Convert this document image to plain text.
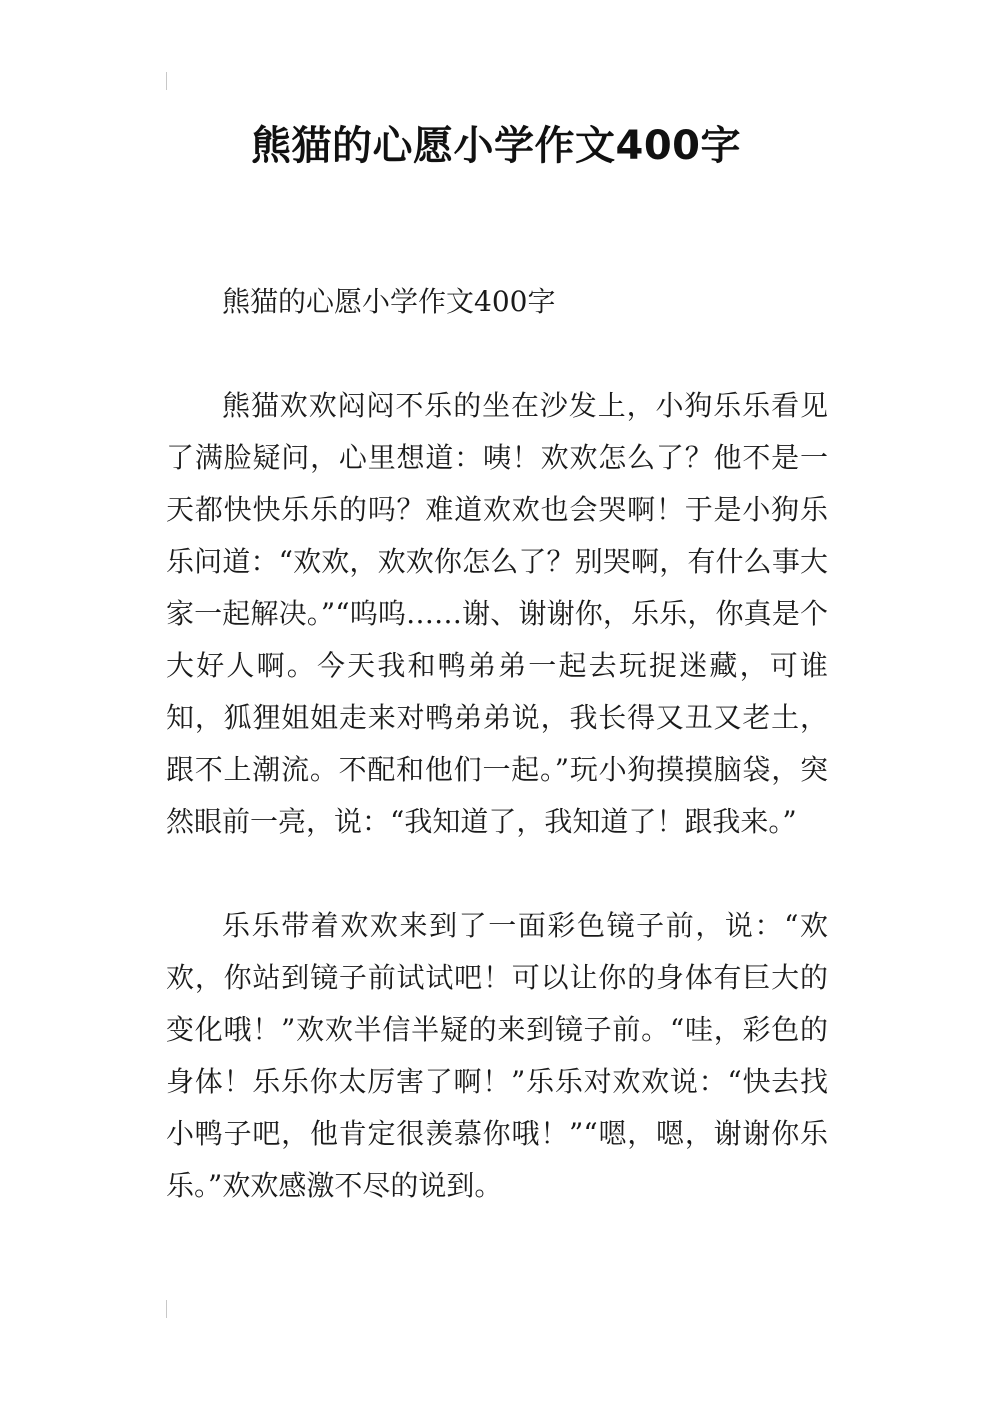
熊猫的心愿小学作文400字

熊猫的心愿小学作文400字

熊猫欢欢闷闷不乐的坐在沙发上，小狗乐乐看见了满脸疑问，心里想道：咦！欢欢怎么了？他不是一天都快快乐乐的吗？难道欢欢也会哭啊！于是小狗乐乐问道：“欢欢，欢欢你怎么了？别哭啊，有什么事大家一起解决。”“呜呜……谢、谢谢你，乐乐，你真是个大好人啊。今天我和鸭弟弟一起去玩捉迷藏，可谁知，狐狸姐姐走来对鸭弟弟说，我长得又丑又老土，跟不上潮流。不配和他们一起。”玩小狗摸摸脑袋，突然眼前一亮，说：“我知道了，我知道了！跟我来。”

乐乐带着欢欢来到了一面彩色镜子前，说：“欢欢，你站到镜子前试试吧！可以让你的身体有巨大的变化哦！”欢欢半信半疑的来到镜子前。“哇，彩色的身体！乐乐你太厉害了啊！”乐乐对欢欢说：“快去找小鸭子吧，他肯定很羡慕你哦！”“嗯，嗯，谢谢你乐乐。”欢欢感激不尽的说到。
